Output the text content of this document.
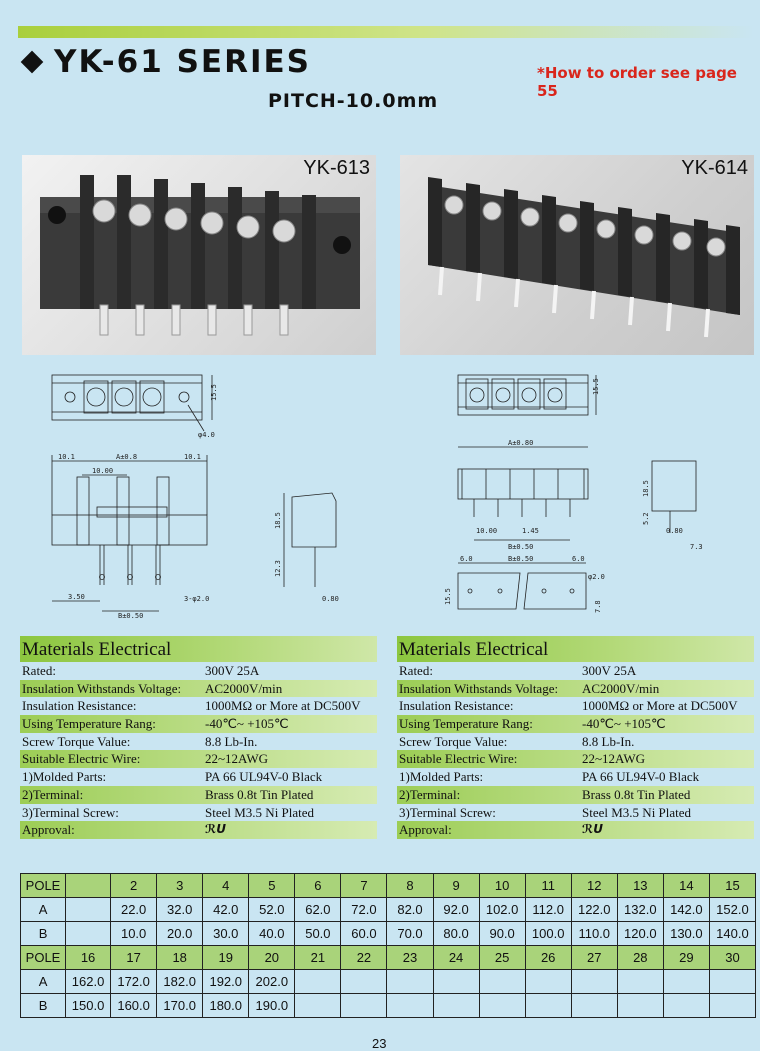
YK-61 SERIES
PITCH-10.0mm
*How to order see page 55
YK-613	YK-614
15.5
φ4.0
10.1	A±0.8	10.1
10.00
3.50
B±0.50
3-φ2.0
18.5
12.3
0.80
15.5
A±0.80
10.00	1.45
B±0.50
18.5
5.2
0.80
7.3
6.0	B±0.50	6.0
15.5
φ2.0
7.8
Materials Electrical
Rated:	300V 25A
Insulation Withstands Voltage: AC2000V/min
Insulation Resistance:	1000MΩ or More at DC500V
Using Temperature Rang:	-40℃~ +105℃
Screw Torque Value:	8.8 Lb-In.
Suitable Electric Wire:	22~12AWG
1)Molded Parts:	PA 66 UL94V-0 Black
2)Terminal:	Brass 0.8t Tin Plated
3)Terminal Screw:	Steel M3.5 Ni Plated
Approval:	ℛU
Materials Electrical
Rated:	300V 25A
Insulation Withstands Voltage: AC2000V/min
Insulation Resistance:	1000MΩ or More at DC500V
Using Temperature Rang:	-40℃~ +105℃
Screw Torque Value:	8.8 Lb-In.
Suitable Electric Wire:	22~12AWG
1)Molded Parts:	PA 66 UL94V-0 Black
2)Terminal:	Brass 0.8t Tin Plated
3)Terminal Screw:	Steel M3.5 Ni Plated
Approval:	ℛU
POLE		2	3	4	5	6	7	8	9	10	11	12	13	14	15
A		22.0	32.0	42.0	52.0	62.0	72.0	82.0	92.0	102.0	112.0	122.0	132.0	142.0	152.0
B		10.0	20.0	30.0	40.0	50.0	60.0	70.0	80.0	90.0	100.0	110.0	120.0	130.0	140.0
POLE	16	17	18	19	20	21	22	23	24	25	26	27	28	29	30
A	162.0	172.0	182.0	192.0	202.0										
B	150.0	160.0	170.0	180.0	190.0										
23
